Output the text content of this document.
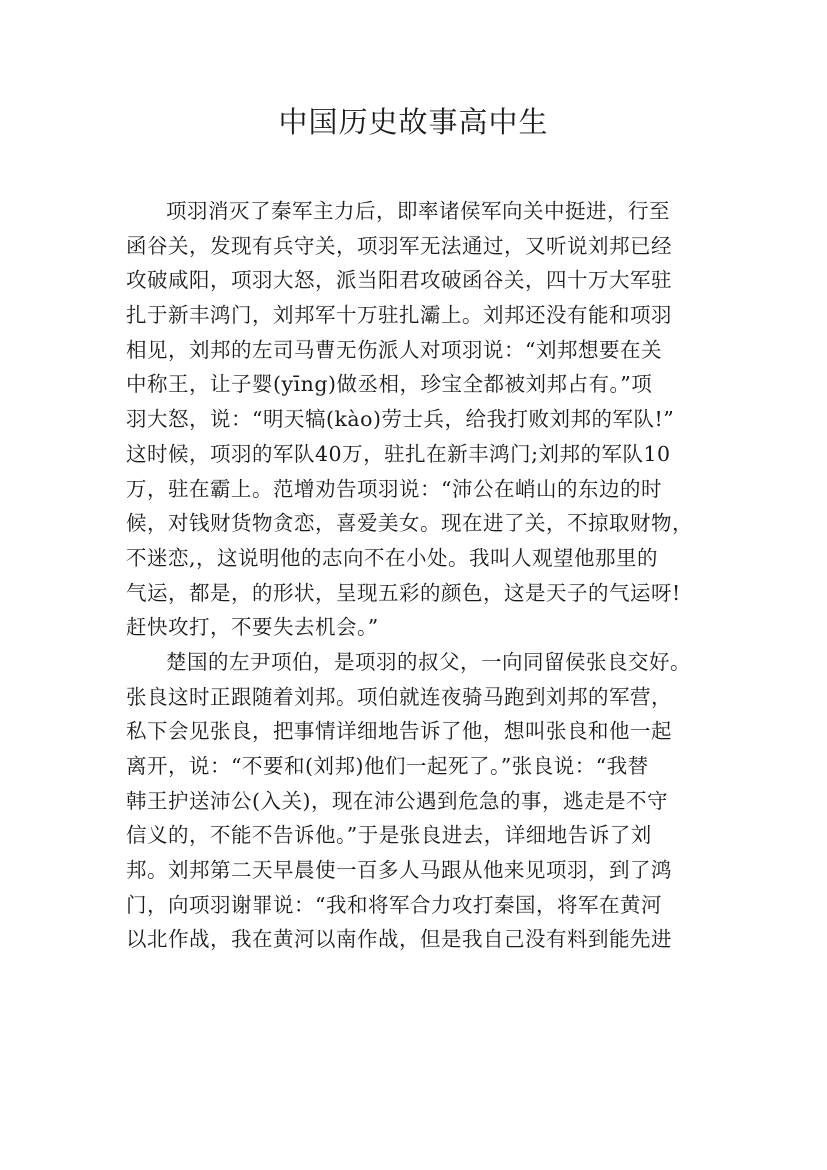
中国历史故事高中生
项羽消灭了秦军主力后，即率诸侯军向关中挺进，行至
函谷关，发现有兵守关，项羽军无法通过，又听说刘邦已经
攻破咸阳，项羽大怒，派当阳君攻破函谷关，四十万大军驻
扎于新丰鸿门，刘邦军十万驻扎灞上。刘邦还没有能和项羽
相见，刘邦的左司马曹无伤派人对项羽说：“刘邦想要在关
中称王，让子婴(yīng)做丞相，珍宝全都被刘邦占有。”项
羽大怒，说：“明天犒(kào)劳士兵，给我打败刘邦的军队!”
这时候，项羽的军队40万，驻扎在新丰鸿门;刘邦的军队10
万，驻在霸上。范增劝告项羽说：“沛公在峭山的东边的时
候，对钱财货物贪恋，喜爱美女。现在进了关，不掠取财物，
不迷恋,，这说明他的志向不在小处。我叫人观望他那里的
气运，都是，的形状，呈现五彩的颜色，这是天子的气运呀!
赶快攻打，不要失去机会。”
楚国的左尹项伯，是项羽的叔父，一向同留侯张良交好。
张良这时正跟随着刘邦。项伯就连夜骑马跑到刘邦的军营，
私下会见张良，把事情详细地告诉了他，想叫张良和他一起
离开，说：“不要和(刘邦)他们一起死了。”张良说：“我替
韩王护送沛公(入关)，现在沛公遇到危急的事，逃走是不守
信义的，不能不告诉他。”于是张良进去，详细地告诉了刘
邦。刘邦第二天早晨使一百多人马跟从他来见项羽，到了鸿
门，向项羽谢罪说：“我和将军合力攻打秦国，将军在黄河
以北作战，我在黄河以南作战，但是我自己没有料到能先进
